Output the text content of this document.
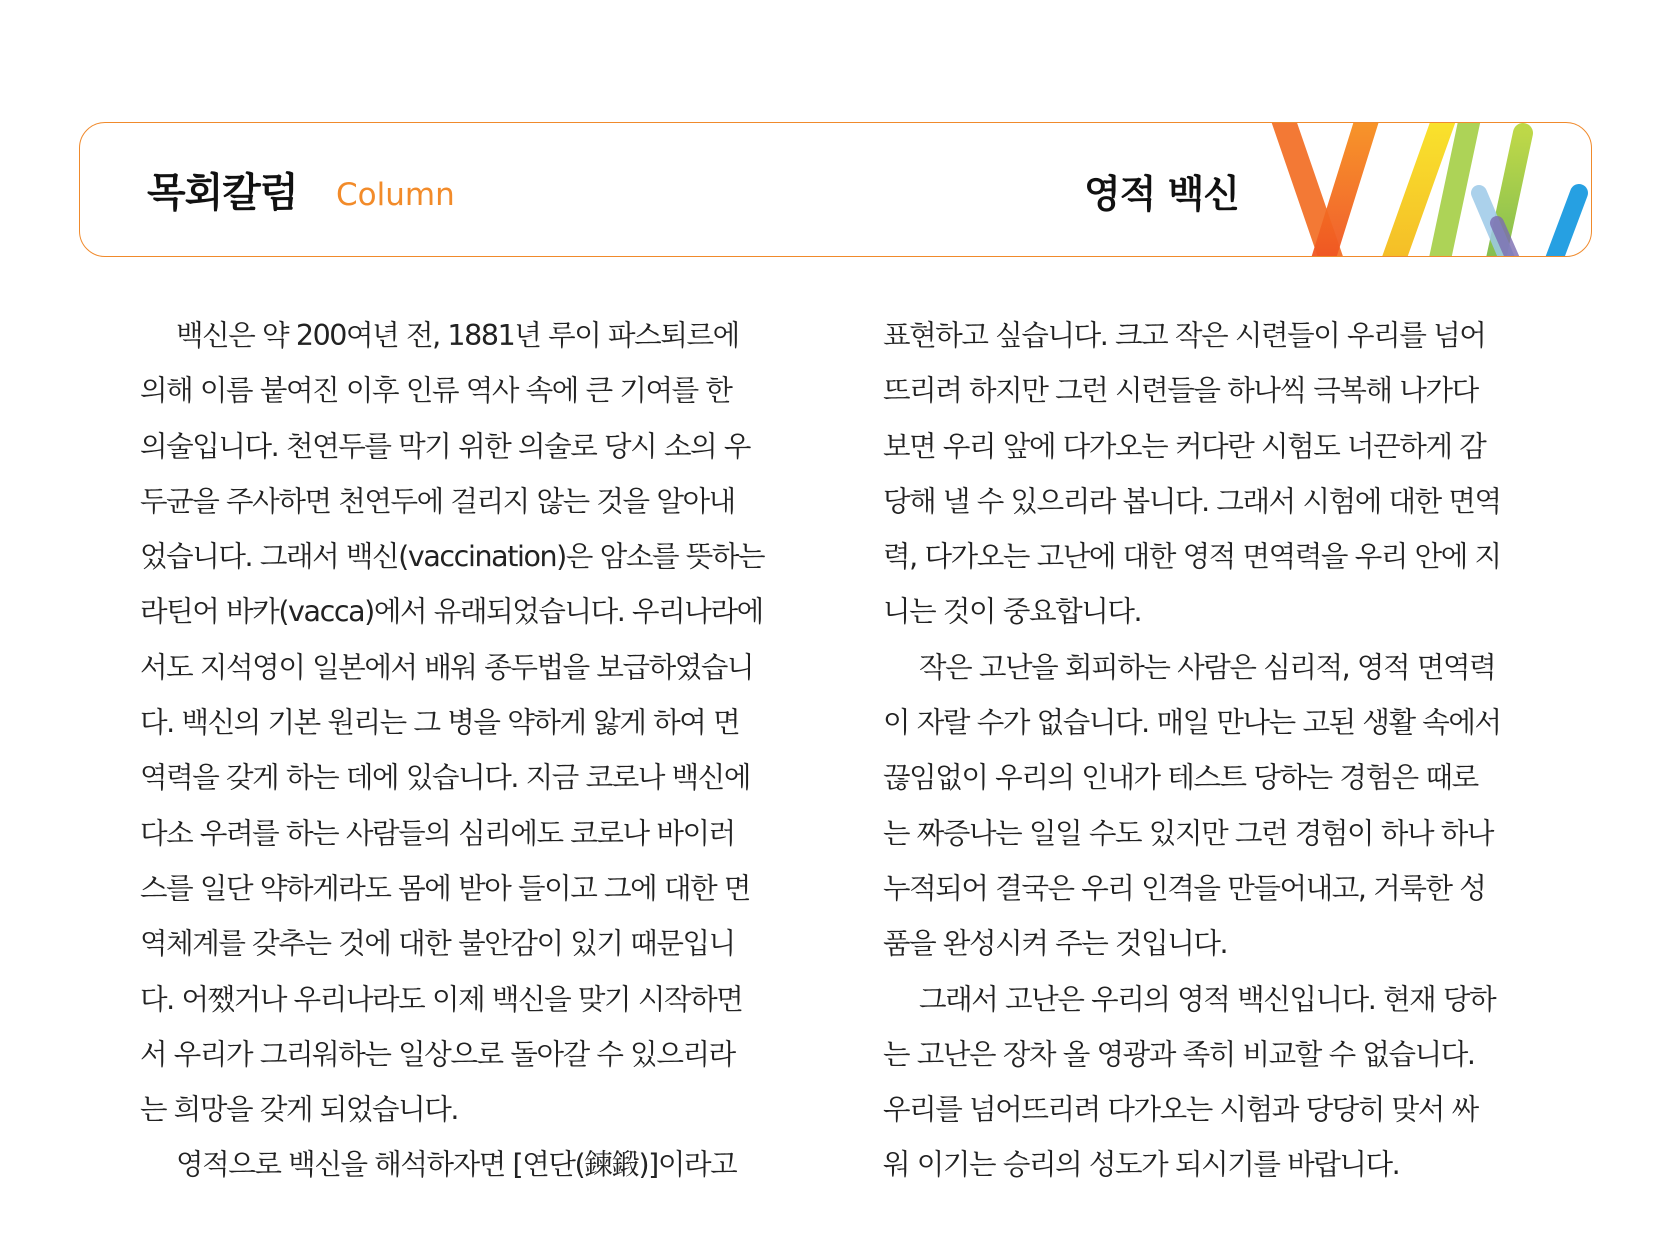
목회칼럼 Column	영적 백신

백신은 약 200여년 전, 1881년 루이 파스퇴르에
의해 이름 붙여진 이후 인류 역사 속에 큰 기여를 한
의술입니다. 천연두를 막기 위한 의술로 당시 소의 우
두균을 주사하면 천연두에 걸리지 않는 것을 알아내
었습니다. 그래서 백신(vaccination)은 암소를 뜻하는
라틴어 바카(vacca)에서 유래되었습니다. 우리나라에
서도 지석영이 일본에서 배워 종두법을 보급하였습니
다. 백신의 기본 원리는 그 병을 약하게 앓게 하여 면
역력을 갖게 하는 데에 있습니다. 지금 코로나 백신에
다소 우려를 하는 사람들의 심리에도 코로나 바이러
스를 일단 약하게라도 몸에 받아 들이고 그에 대한 면
역체계를 갖추는 것에 대한 불안감이 있기 때문입니
다. 어쨌거나 우리나라도 이제 백신을 맞기 시작하면
서 우리가 그리워하는 일상으로 돌아갈 수 있으리라
는 희망을 갖게 되었습니다.

영적으로 백신을 해석하자면 [연단(鍊鍛)]이라고

표현하고 싶습니다. 크고 작은 시련들이 우리를 넘어
뜨리려 하지만 그런 시련들을 하나씩 극복해 나가다
보면 우리 앞에 다가오는 커다란 시험도 너끈하게 감
당해 낼 수 있으리라 봅니다. 그래서 시험에 대한 면역
력, 다가오는 고난에 대한 영적 면역력을 우리 안에 지
니는 것이 중요합니다.

작은 고난을 회피하는 사람은 심리적, 영적 면역력
이 자랄 수가 없습니다. 매일 만나는 고된 생활 속에서
끊임없이 우리의 인내가 테스트 당하는 경험은 때로
는 짜증나는 일일 수도 있지만 그런 경험이 하나 하나
누적되어 결국은 우리 인격을 만들어내고, 거룩한 성
품을 완성시켜 주는 것입니다.

그래서 고난은 우리의 영적 백신입니다. 현재 당하
는 고난은 장차 올 영광과 족히 비교할 수 없습니다.
우리를 넘어뜨리려 다가오는 시험과 당당히 맞서 싸
워 이기는 승리의 성도가 되시기를 바랍니다.
